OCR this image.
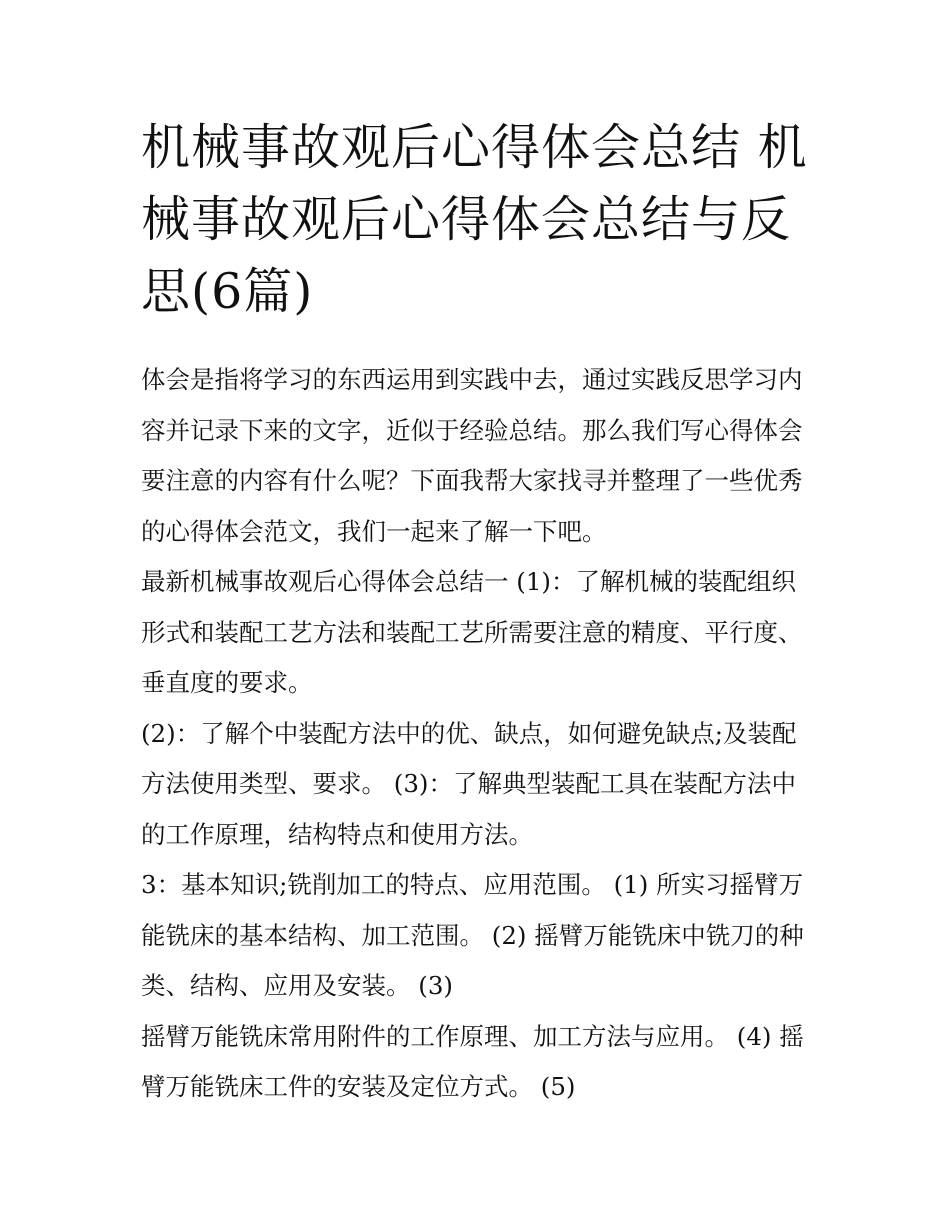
机械事故观后心得体会总结 机械事故观后心得体会总结与反思(6篇)

体会是指将学习的东西运用到实践中去，通过实践反思学习内容并记录下来的文字，近似于经验总结。那么我们写心得体会要注意的内容有什么呢？下面我帮大家找寻并整理了一些优秀的心得体会范文，我们一起来了解一下吧。

最新机械事故观后心得体会总结一 (1)：了解机械的装配组织形式和装配工艺方法和装配工艺所需要注意的精度、平行度、垂直度的要求。

(2)：了解个中装配方法中的优、缺点，如何避免缺点;及装配方法使用类型、要求。 (3)：了解典型装配工具在装配方法中的工作原理，结构特点和使用方法。

3：基本知识;铣削加工的特点、应用范围。 (1) 所实习摇臂万能铣床的基本结构、加工范围。 (2) 摇臂万能铣床中铣刀的种类、结构、应用及安装。 (3)

摇臂万能铣床常用附件的工作原理、加工方法与应用。 (4) 摇臂万能铣床工件的安装及定位方式。 (5)
